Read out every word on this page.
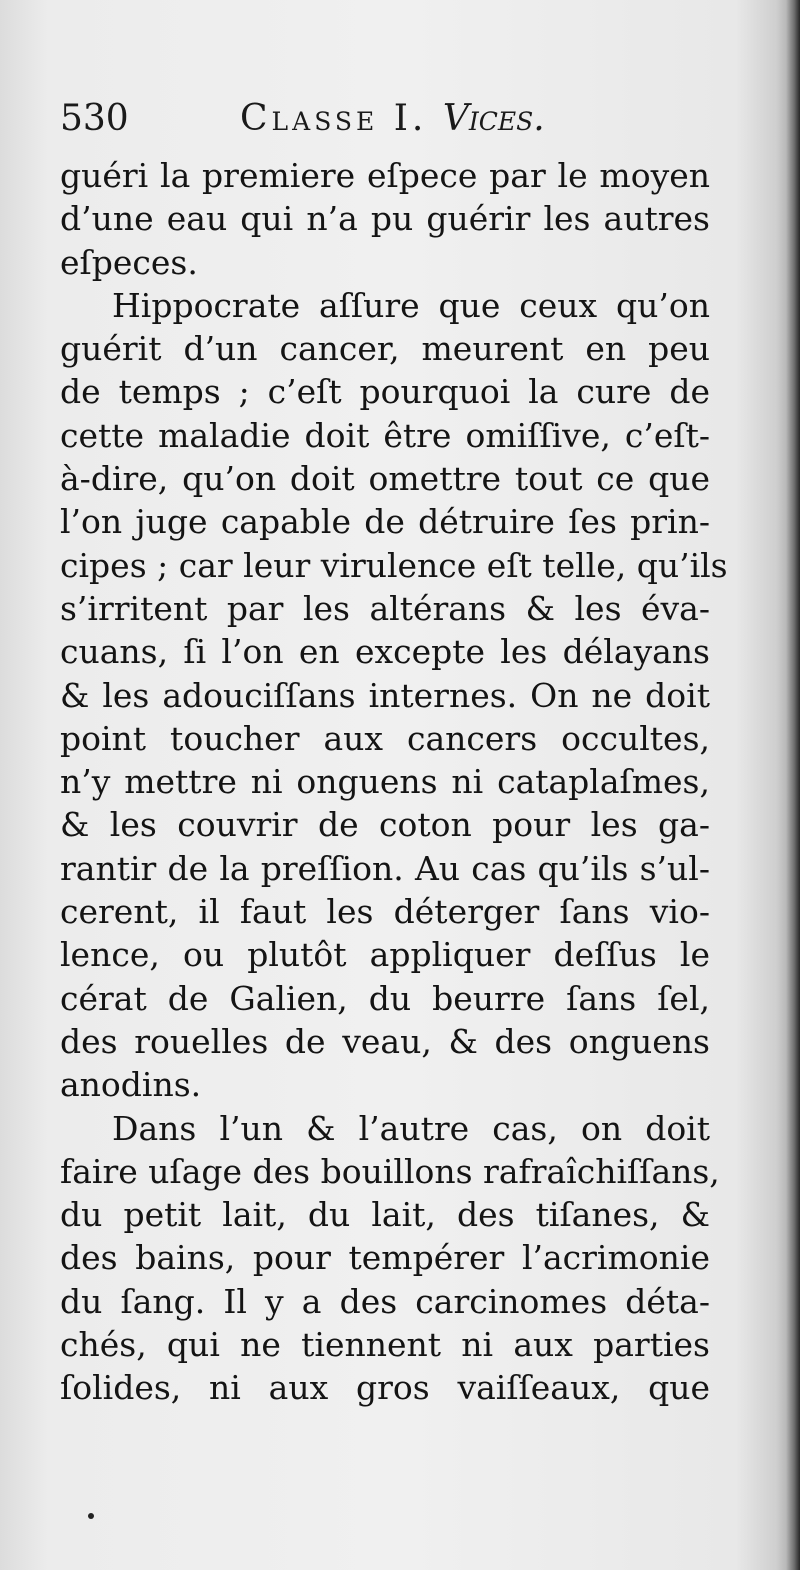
530	Classe I. Vices.
guéri la premiere eſpece par le moyen
d’une eau qui n’a pu guérir les autres
eſpeces.
Hippocrate aſſure que ceux qu’on
guérit d’un cancer, meurent en peu
de temps ; c’eſt pourquoi la cure de
cette maladie doit être omiſſive, c’eſt-
à-dire, qu’on doit omettre tout ce que
l’on juge capable de détruire ſes prin-
cipes ; car leur virulence eſt telle, qu’ils
s’irritent par les altérans & les éva-
cuans, ſi l’on en excepte les délayans
& les adouciſſans internes. On ne doit
point toucher aux cancers occultes,
n’y mettre ni onguens ni cataplaſmes,
& les couvrir de coton pour les ga-
rantir de la preſſion. Au cas qu’ils s’ul-
cerent, il faut les déterger ſans vio-
lence, ou plutôt appliquer deſſus le
cérat de Galien, du beurre ſans ſel,
des rouelles de veau, & des onguens
anodins.
Dans l’un & l’autre cas, on doit
faire uſage des bouillons rafraîchiſſans,
du petit lait, du lait, des tiſanes, &
des bains, pour tempérer l’acrimonie
du ſang. Il y a des carcinomes déta-
chés, qui ne tiennent ni aux parties
ſolides, ni aux gros vaiſſeaux, que
